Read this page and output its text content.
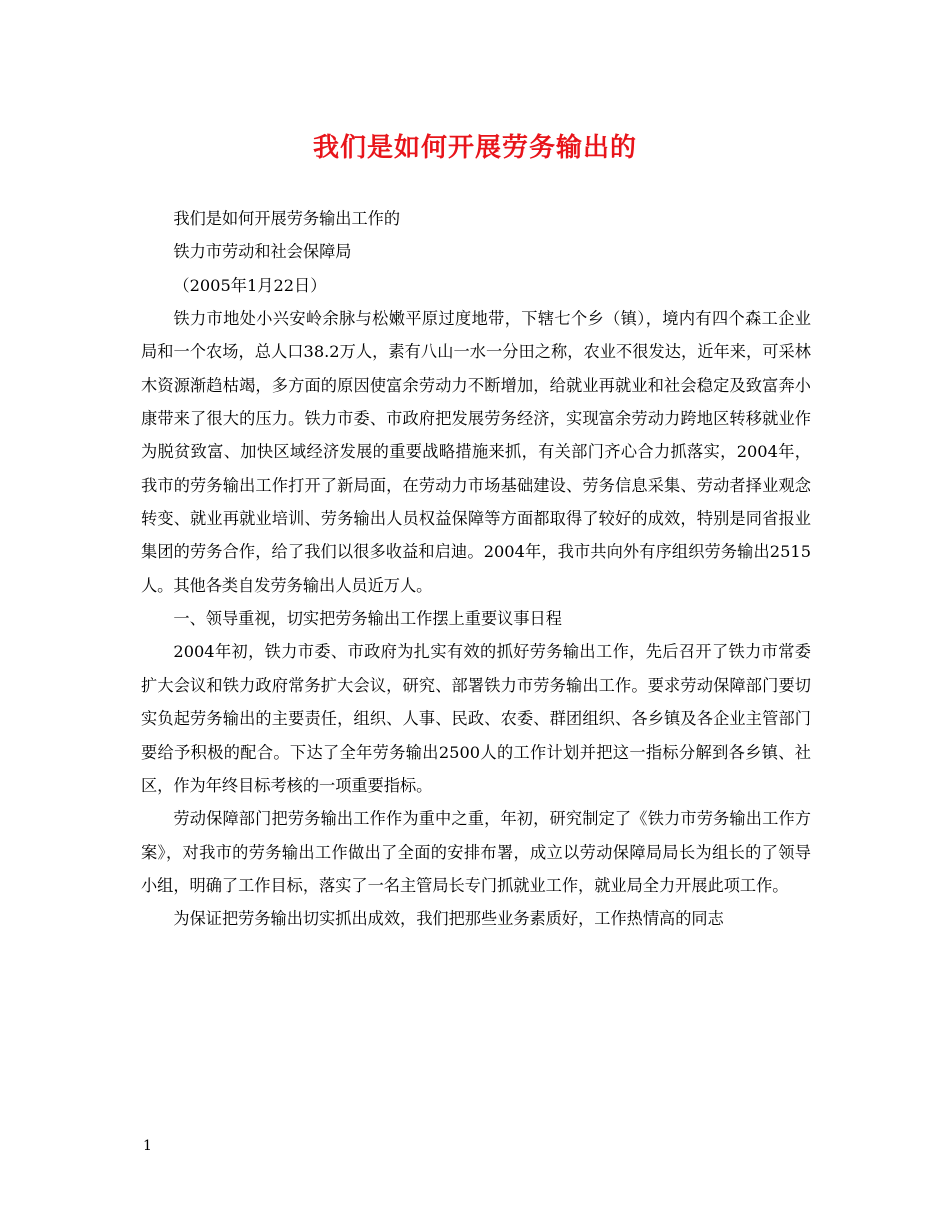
我们是如何开展劳务输出的

我们是如何开展劳务输出工作的

铁力市劳动和社会保障局

（2005年1月22日）

铁力市地处小兴安岭余脉与松嫩平原过度地带，下辖七个乡（镇），境内有四个森工企业局和一个农场，总人口38.2万人，素有八山一水一分田之称，农业不很发达，近年来，可采林木资源渐趋枯竭，多方面的原因使富余劳动力不断增加，给就业再就业和社会稳定及致富奔小康带来了很大的压力。铁力市委、市政府把发展劳务经济，实现富余劳动力跨地区转移就业作为脱贫致富、加快区域经济发展的重要战略措施来抓，有关部门齐心合力抓落实，2004年，我市的劳务输出工作打开了新局面，在劳动力市场基础建设、劳务信息采集、劳动者择业观念转变、就业再就业培训、劳务输出人员权益保障等方面都取得了较好的成效，特别是同省报业集团的劳务合作，给了我们以很多收益和启迪。2004年，我市共向外有序组织劳务输出2515人。其他各类自发劳务输出人员近万人。

一、领导重视，切实把劳务输出工作摆上重要议事日程

2004年初，铁力市委、市政府为扎实有效的抓好劳务输出工作，先后召开了铁力市常委扩大会议和铁力政府常务扩大会议，研究、部署铁力市劳务输出工作。要求劳动保障部门要切实负起劳务输出的主要责任，组织、人事、民政、农委、群团组织、各乡镇及各企业主管部门要给予积极的配合。下达了全年劳务输出2500人的工作计划并把这一指标分解到各乡镇、社区，作为年终目标考核的一项重要指标。

劳动保障部门把劳务输出工作作为重中之重，年初，研究制定了《铁力市劳务输出工作方案》，对我市的劳务输出工作做出了全面的安排布署，成立以劳动保障局局长为组长的了领导小组，明确了工作目标，落实了一名主管局长专门抓就业工作，就业局全力开展此项工作。

为保证把劳务输出切实抓出成效，我们把那些业务素质好，工作热情高的同志

1
